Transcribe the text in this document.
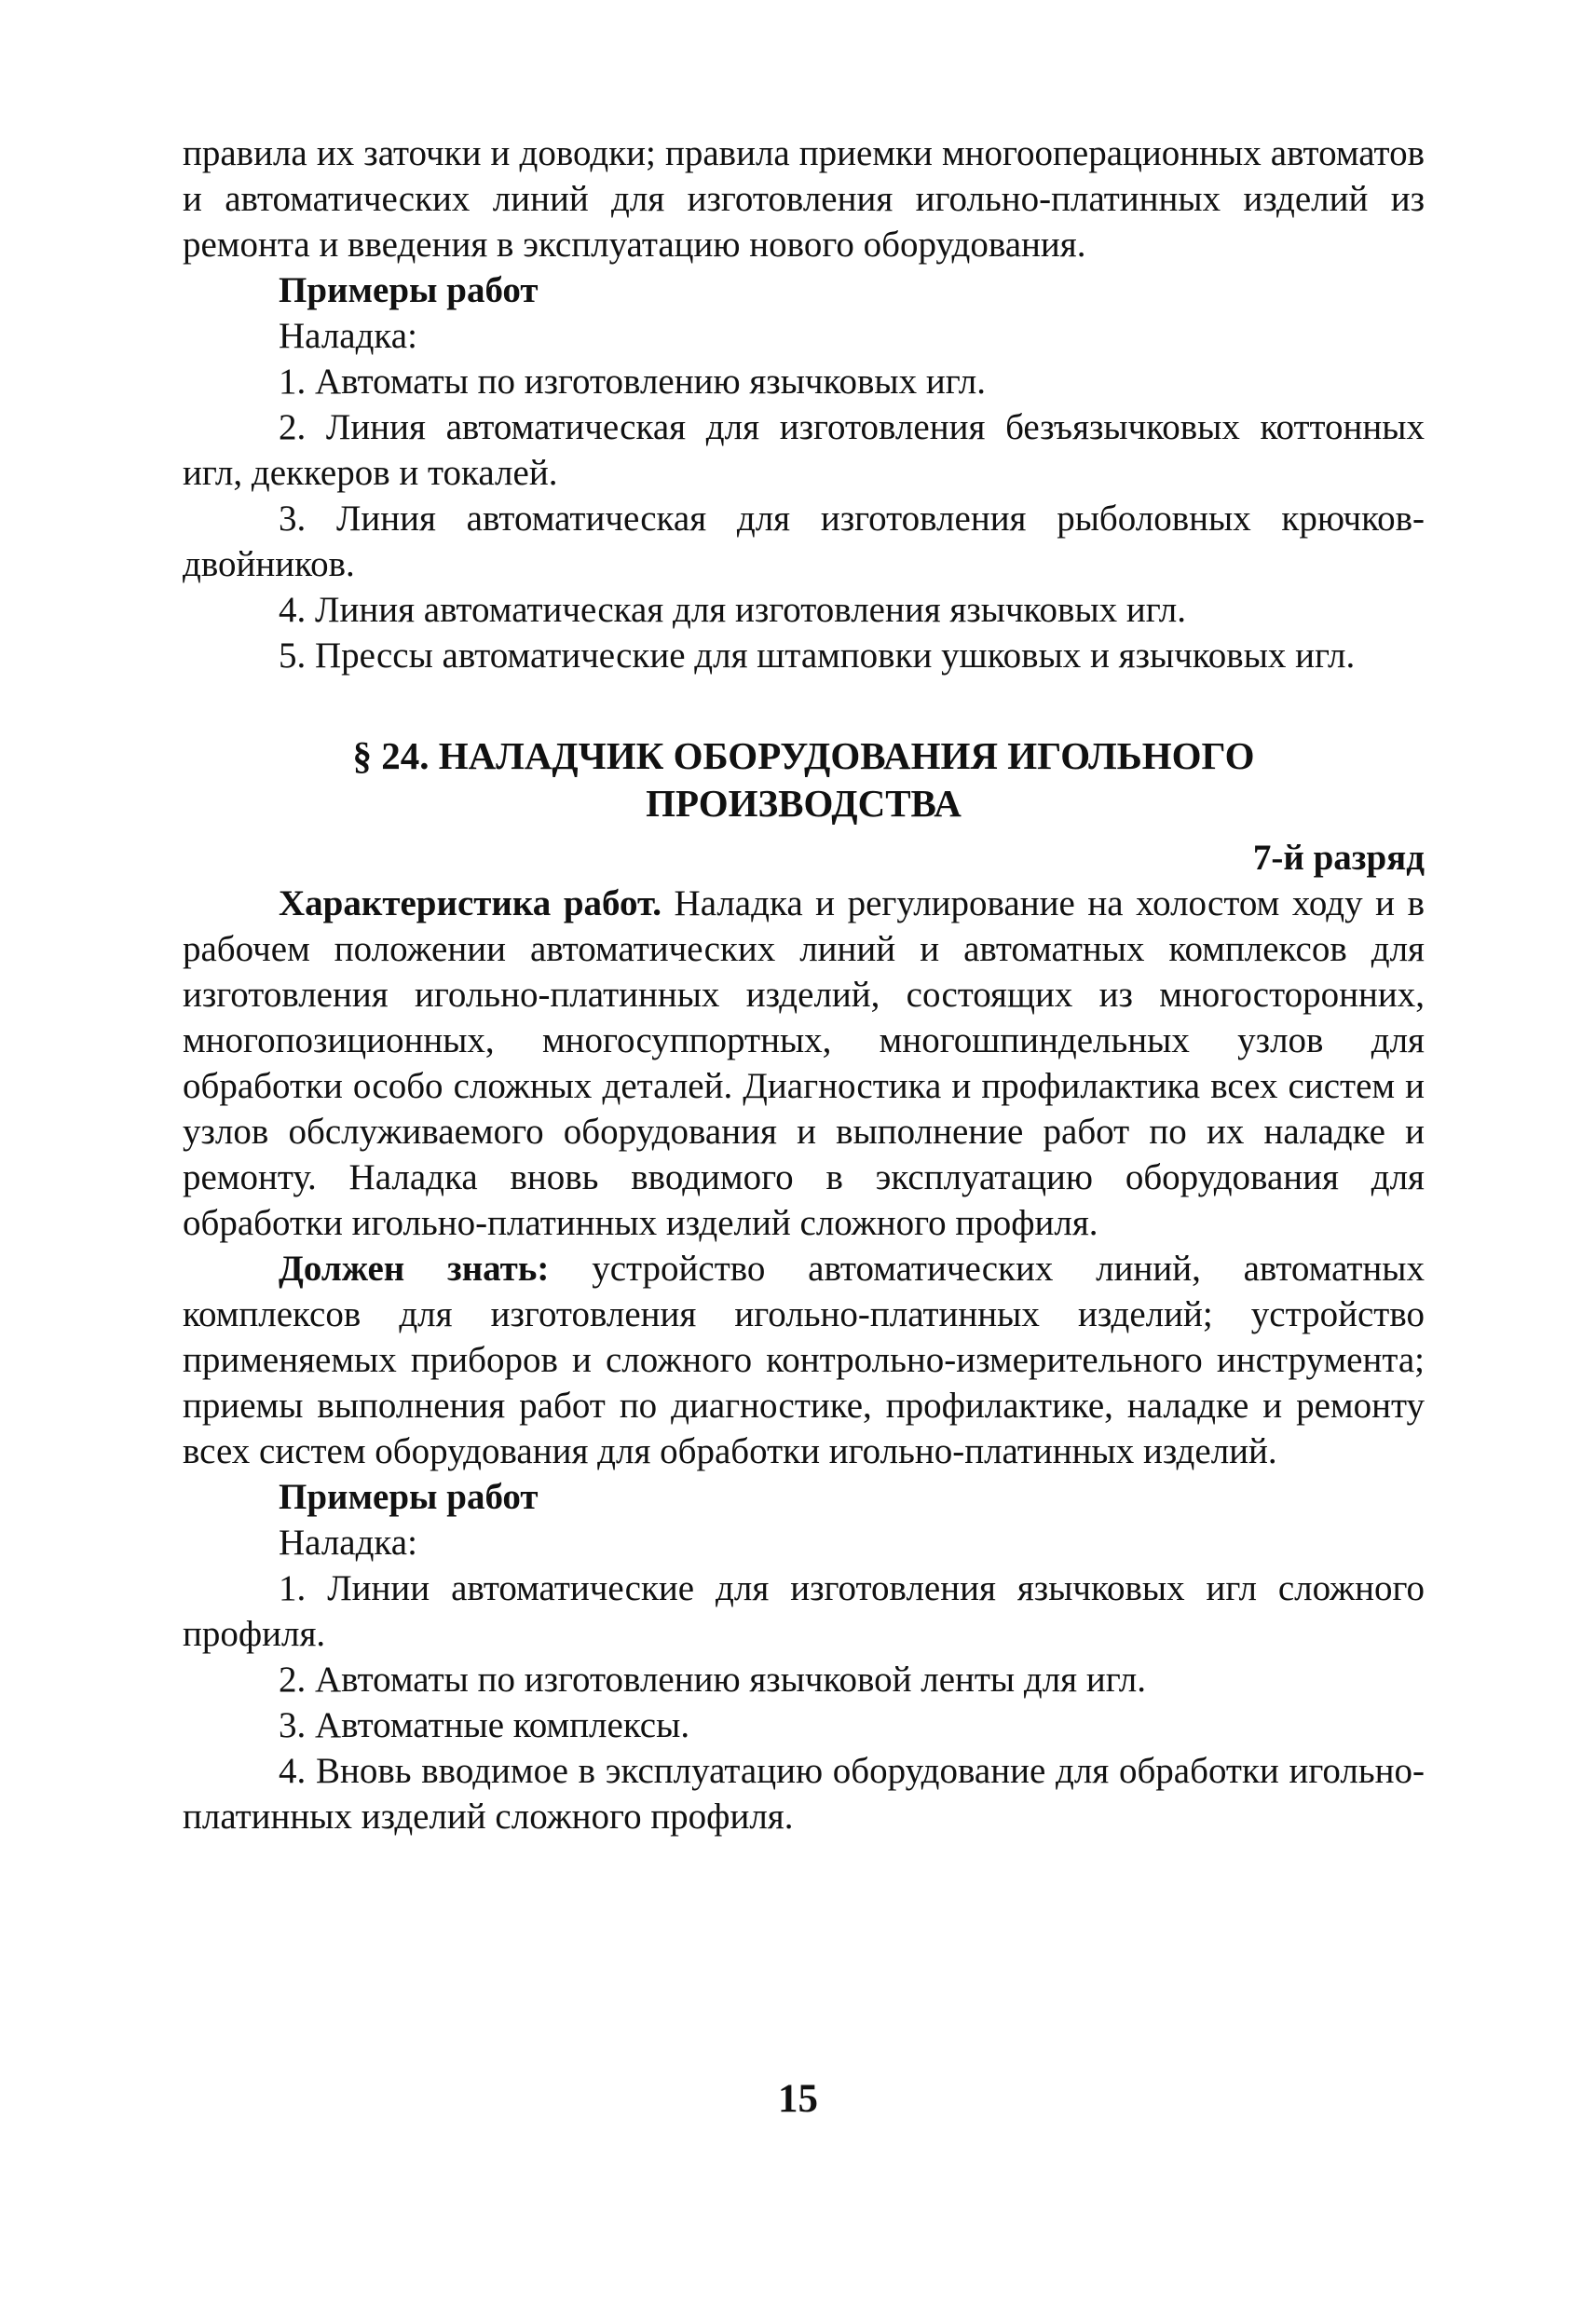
правила их заточки и доводки; правила приемки многооперационных автоматов и автоматических линий для изготовления игольно-платинных изделий из ремонта и введения в эксплуатацию нового оборудования.

Примеры работ

Наладка:

1. Автоматы по изготовлению язычковых игл.

2. Линия автоматическая для изготовления безъязычковых коттонных игл, деккеров и токалей.

3. Линия автоматическая для изготовления рыболовных крючков-двойников.

4. Линия автоматическая для изготовления язычковых игл.

5. Прессы автоматические для штамповки ушковых и язычковых игл.

§ 24. НАЛАДЧИК ОБОРУДОВАНИЯ ИГОЛЬНОГО
ПРОИЗВОДСТВА
7-й разряд

Характеристика работ. Наладка и регулирование на холостом ходу и в рабочем положении автоматических линий и автоматных комплексов для изготовления игольно-платинных изделий, состоящих из многосторонних, многопозиционных, многосуппортных, многошпиндельных узлов для обработки особо сложных деталей. Диагностика и профилактика всех систем и узлов обслуживаемого оборудования и выполнение работ по их наладке и ремонту. Наладка вновь вводимого в эксплуатацию оборудования для обработки игольно-платинных изделий сложного профиля.

Должен знать: устройство автоматических линий, автоматных комплексов для изготовления игольно-платинных изделий; устройство применяемых приборов и сложного контрольно-измерительного инструмента; приемы выполнения работ по диагностике, профилактике, наладке и ремонту всех систем оборудования для обработки игольно-платинных изделий.

Примеры работ

Наладка:

1. Линии автоматические для изготовления язычковых игл сложного профиля.

2. Автоматы по изготовлению язычковой ленты для игл.

3. Автоматные комплексы.

4. Вновь вводимое в эксплуатацию оборудование для обработки игольно-платинных изделий сложного профиля.

15
